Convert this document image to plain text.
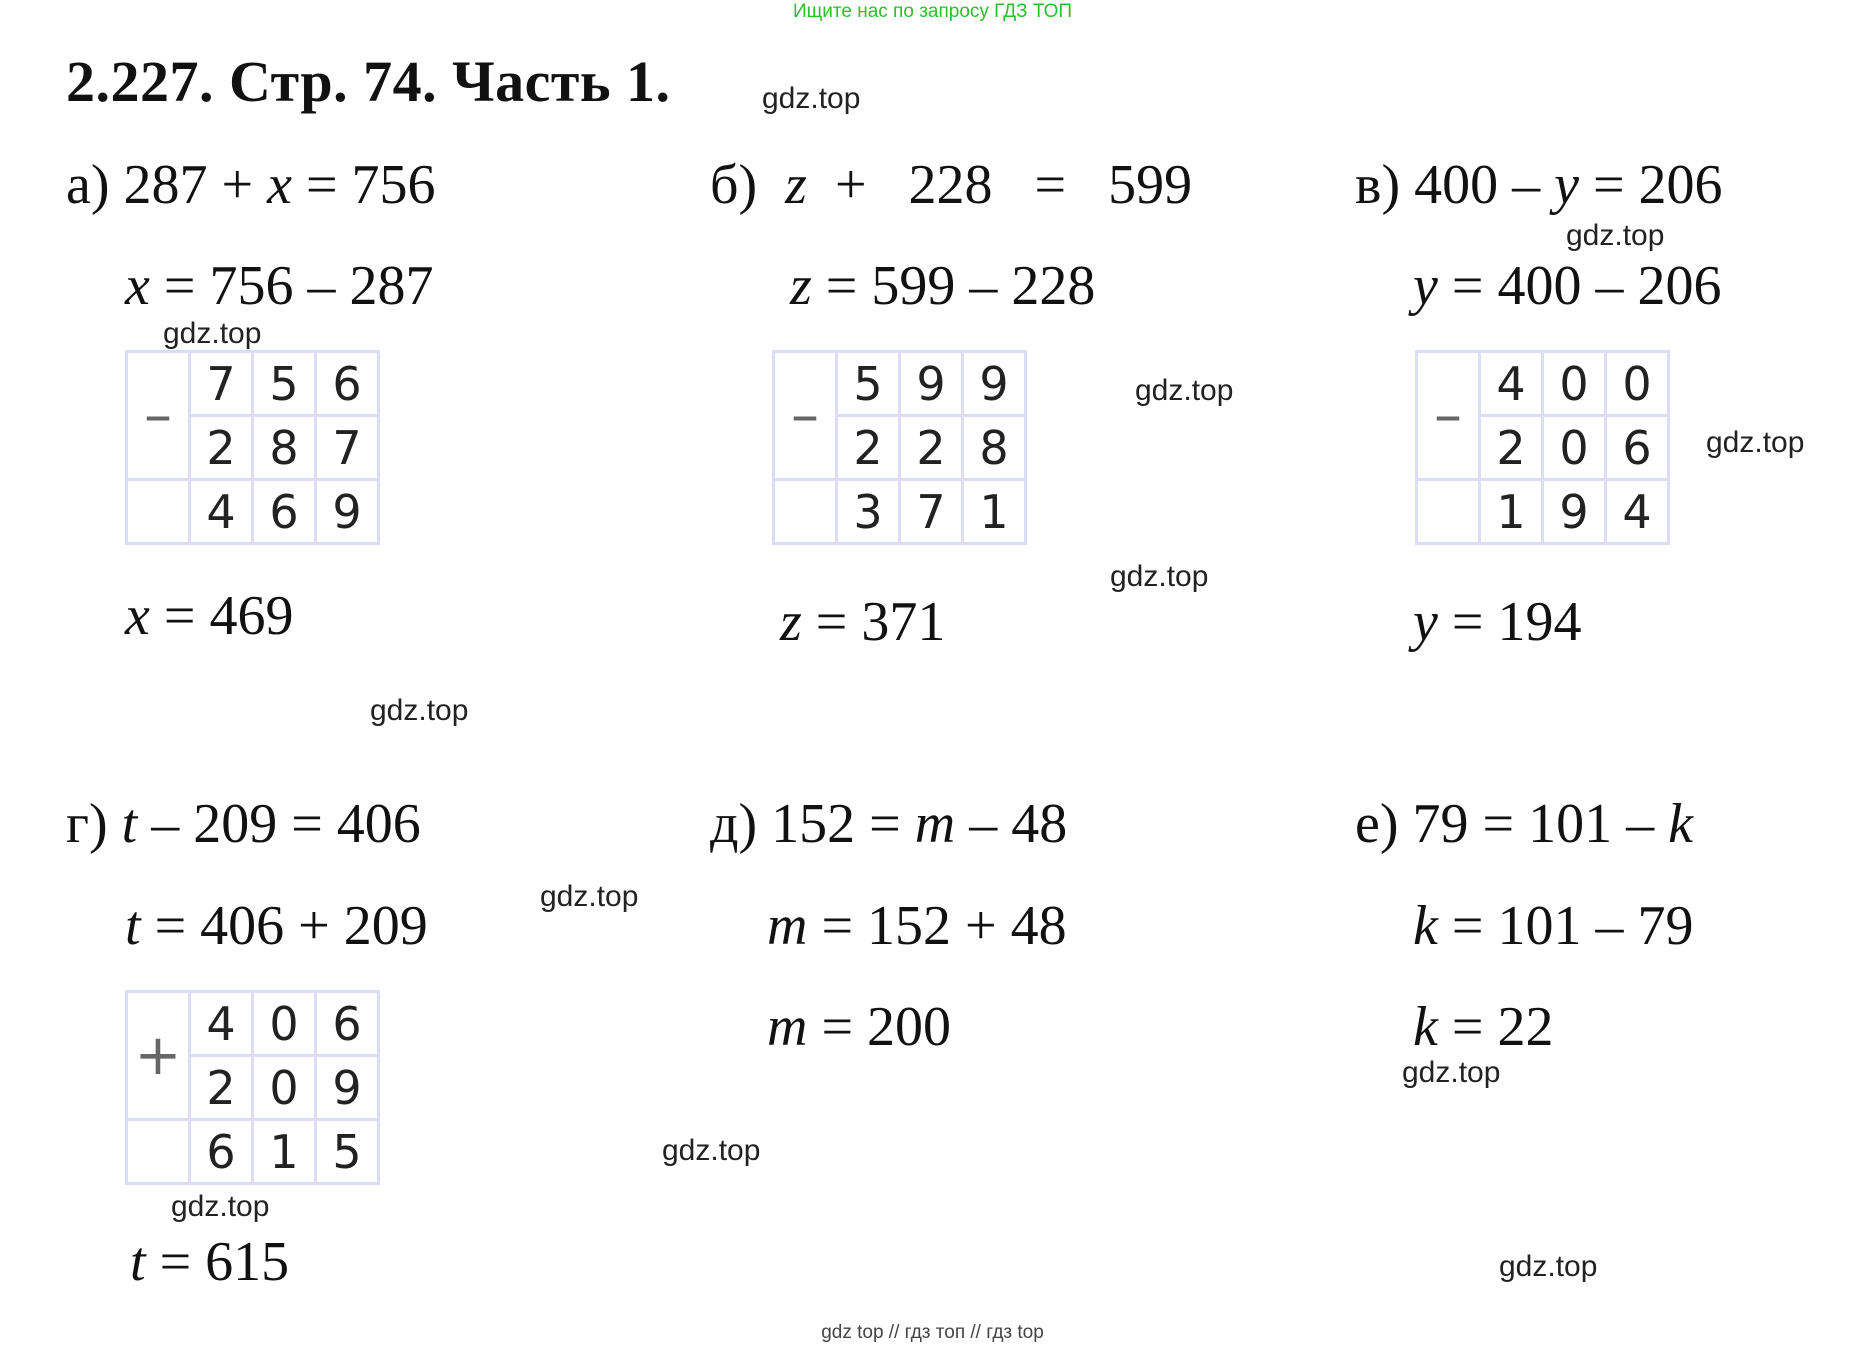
Ищите нас по запросу ГДЗ ТОП
2.227. Стр. 74. Часть 1.	gdz.top
gdz.top
gdz.top
gdz.top
gdz.top
gdz.top
gdz.top
gdz.top
gdz.top
gdz.top
gdz.top
gdz.top
а) 287 + x = 756
x = 756 – 287
–	7	5	6
	2	8	7
	4	6	9
x = 469
б) z  +   228   =   599
z = 599 – 228
–	5	9	9
	2	2	8
	3	7	1
z = 371
в) 400 – y = 206
y = 400 – 206
–	4	0	0
	2	0	6
	1	9	4
y = 194
г) t – 209 = 406
t = 406 + 209
+	4	0	6
	2	0	9
	6	1	5
t = 615
д) 152 = m – 48
m = 152 + 48
m = 200
е) 79 = 101 – k
k = 101 – 79
k = 22
gdz top // гдз топ // гдз top
